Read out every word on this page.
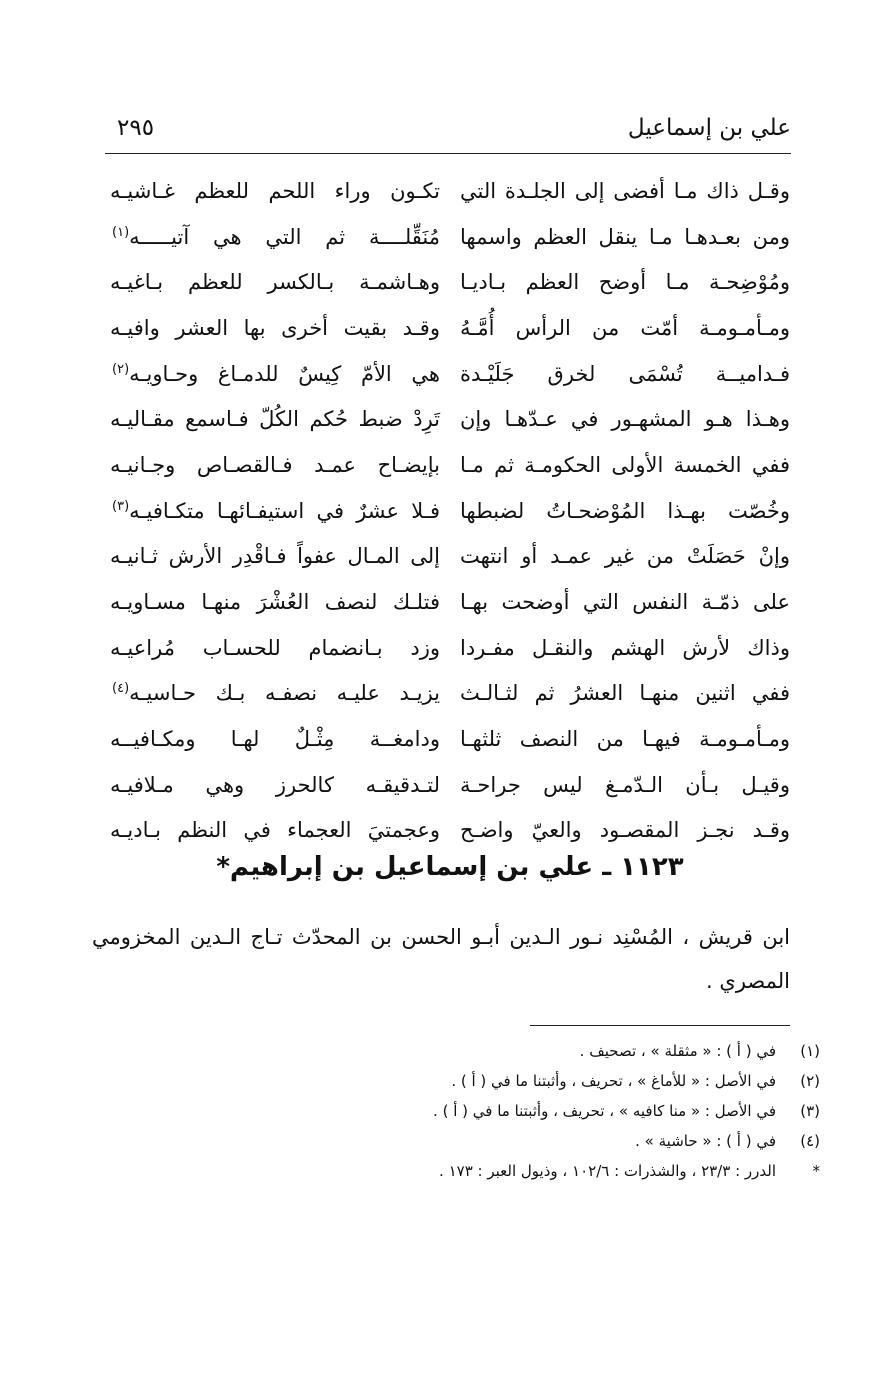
علي بن إسماعيل
٢٩٥
وقـل ذاك مـا أفضى إلى الجلـدة التي
تكـون وراء اللحم للعظم غـاشيـه
ومن بعـدهـا مـا ينقل العظم واسمها
مُنَقِّلــــة ثم التي هي آتيـــــه$^{(١)}$
ومُوْضِحـة مـا أوضح العظم بـاديـا
وهـاشمـة بـالكسر للعظم بـاغيـه
ومـأمـومـة أمّت من الرأس أُمَّـهُ
وقـد بقيت أخرى بها العشر وافيـه
فـداميــة تُسْمَى لخرق جَلَيْـدة
هي الأمّ كِيسٌ للدمـاغ وحـاويـه$^{(٢)}$
وهـذا هـو المشهـور في عـدّهـا وإن
تَرِدْ ضبط حُكم الكُلّ فـاسمع مقـاليـه
ففي الخمسة الأولى الحكومـة ثم مـا
بإيضـاح عمـد فـالقصـاص وجـانيـه
وخُصّت بهـذا المُوْضحـاتُ لضبطها
فـلا عشرٌ في استيفـائهـا متكـافيـه$^{(٣)}$
وإنْ حَصَلَتْ من غير عمـد أو انتهت
إلى المـال عفواً فـاقْدِر الأرش ثـانيـه
على ذمّـة النفس التي أوضحت بهـا
فتلـك لنصف العُشْرَ منهـا مسـاويـه
وذاك لأرش الهشم والنقـل مفـردا
وزد بـانضمام للحسـاب مُراعيـه
ففي اثنين منهـا العشرُ ثم لثـالـث
يزيـد عليـه نصفـه بـك حـاسيـه$^{(٤)}$
ومـأمـومـة فيهـا من النصف ثلثهـا
ودامغــة مِثْـلٌ لهـا ومكـافيــه
وقيـل بـأن الـدّمـغ ليس جراحـة
لتـدقيقـه كالحرز وهي مـلافيـه
وقـد نجـز المقصـود والعيّ واضـح
وعجمتيَ العجماء في النظم بـاديـه
١١٢٣ ـ علي بن إسماعيل بن إبراهيم*
ابن قريش ، المُسْنِد نـور الـدين أبـو الحسن بن المحدّث تـاج الـدين المخزومي المصري .
(١)
في ( أ ) : « مثقلة » ، تصحيف .
(٢)
في الأصل : « للأماغ » ، تحريف ، وأثبتنا ما في ( أ ) .
(٣)
في الأصل : « منا كافيه » ، تحريف ، وأثبتنا ما في ( أ ) .
(٤)
في ( أ ) : « حاشية » .
*
الدرر : ٢٣/٣ ، والشذرات : ١٠٢/٦ ، وذيول العبر : ١٧٣ .
